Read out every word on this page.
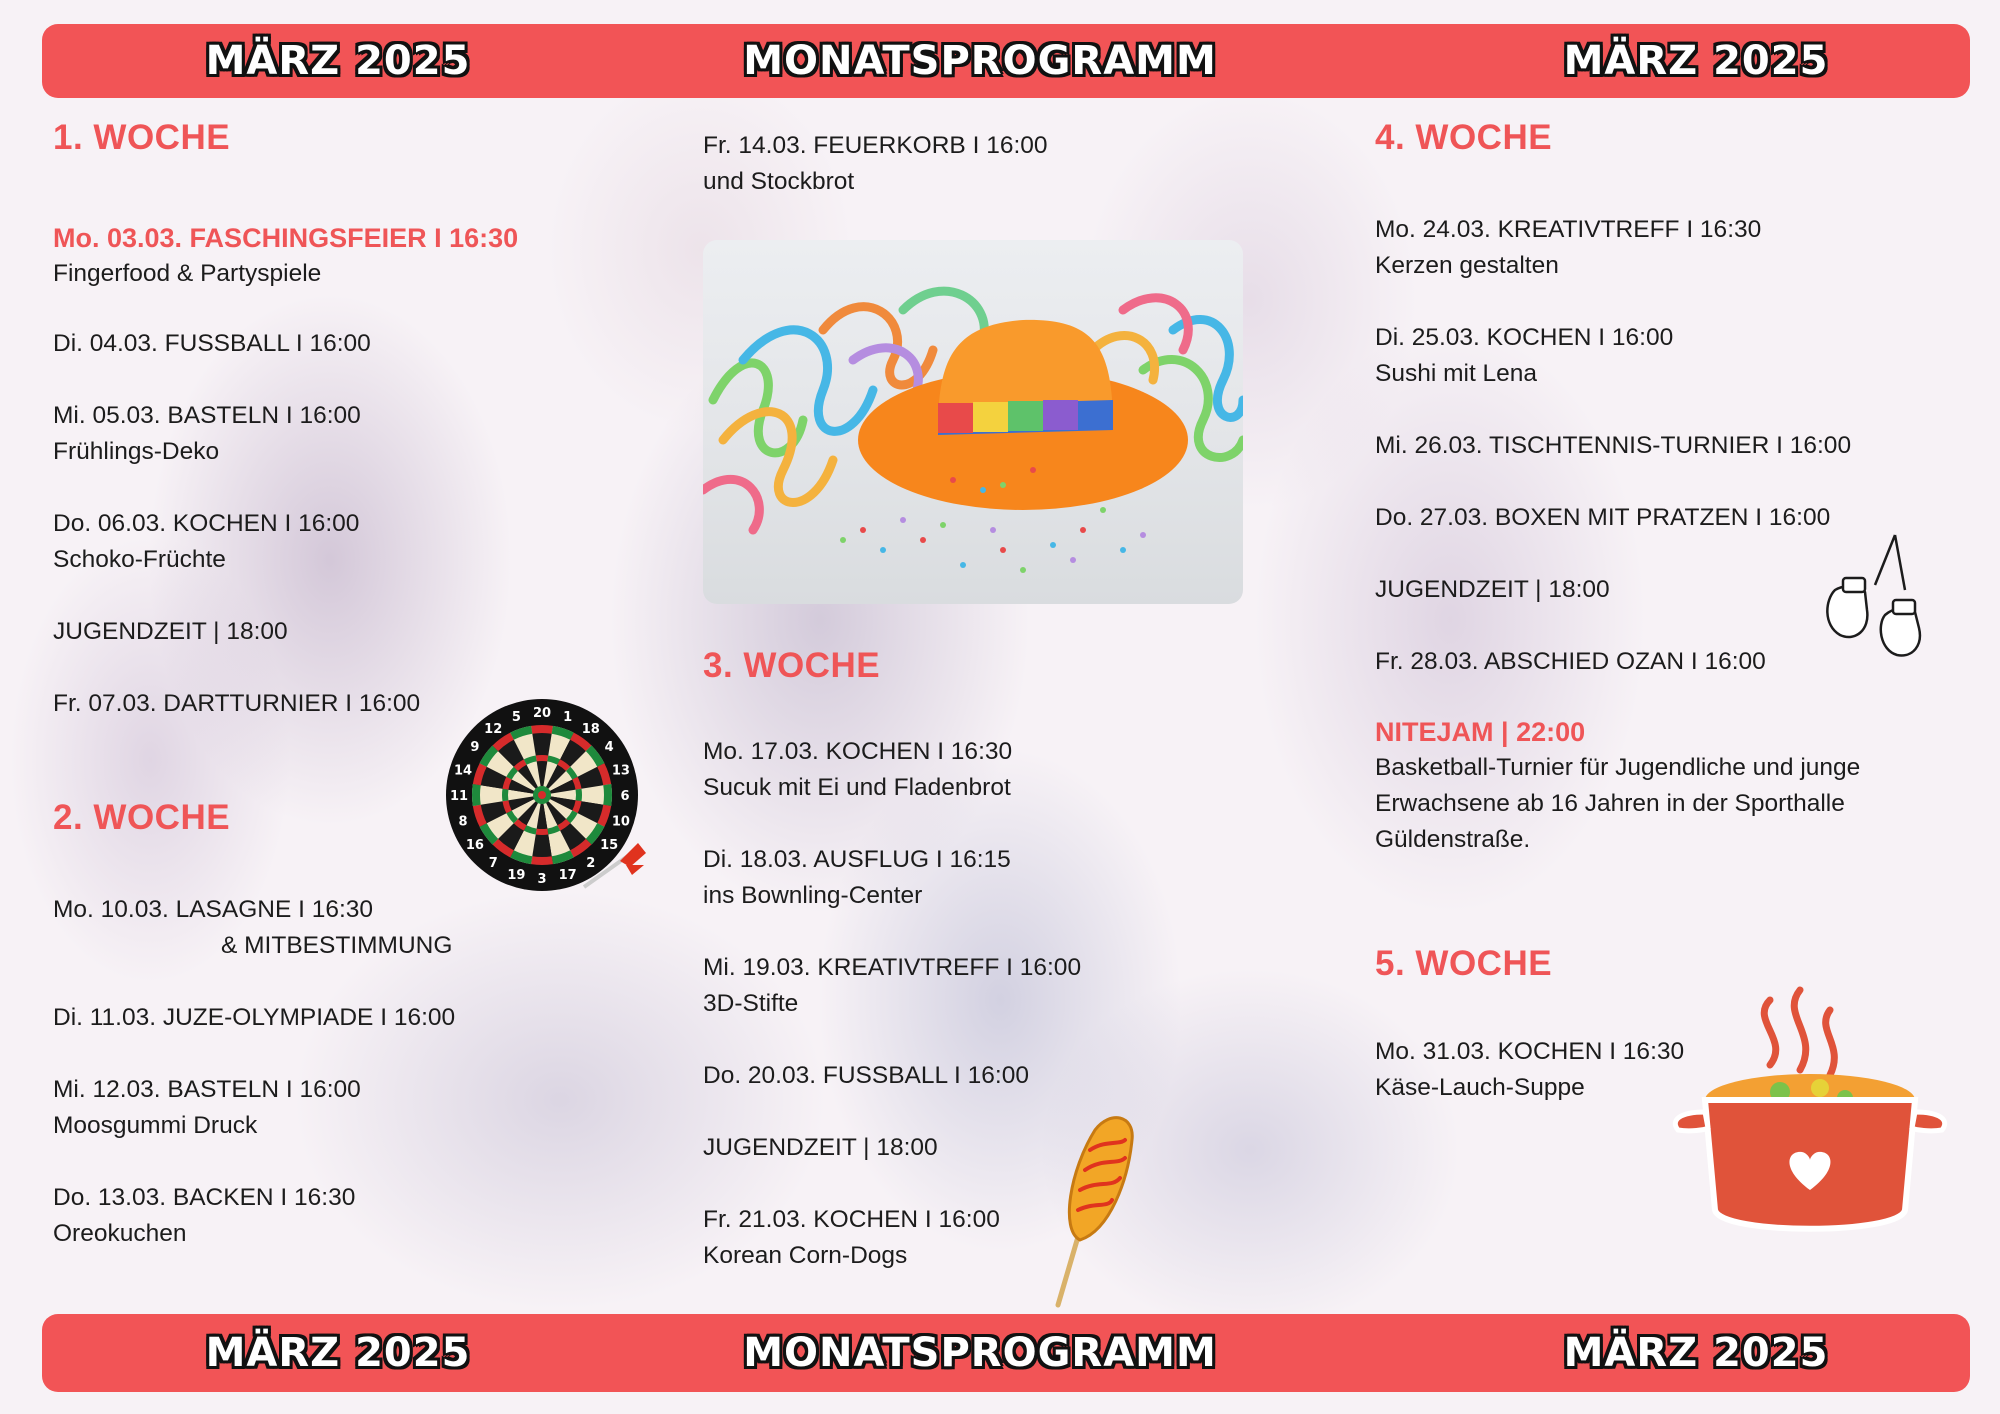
MÄRZ 2025	MONATSPROGRAMM	MÄRZ 2025
1. WOCHE
Mo. 03.03. FASCHINGSFEIER I 16:30
Fingerfood & Partyspiele
Di. 04.03. FUSSBALL I 16:00
Mi. 05.03. BASTELN I 16:00
Frühlings-Deko
Do. 06.03. KOCHEN I 16:00
Schoko-Früchte
JUGENDZEIT | 18:00
Fr. 07.03. DARTTURNIER I 16:00
2. WOCHE
Mo. 10.03. LASAGNE I 16:30
& MITBESTIMMUNG
Di. 11.03. JUZE-OLYMPIADE I 16:00
Mi. 12.03. BASTELN I 16:00
Moosgummi Druck
Do. 13.03. BACKEN I 16:30
Oreokuchen
20 1
18
4
13
6
10
15
2
17
3
19
7
16
8
11
14
9
12
5
Fr. 14.03. FEUERKORB I 16:00
und Stockbrot
3. WOCHE
Mo. 17.03. KOCHEN I 16:30
Sucuk mit Ei und Fladenbrot
Di. 18.03. AUSFLUG I 16:15
ins Bownling-Center
Mi. 19.03. KREATIVTREFF I 16:00
3D-Stifte
Do. 20.03. FUSSBALL I 16:00
JUGENDZEIT | 18:00
Fr. 21.03. KOCHEN I 16:00
Korean Corn-Dogs
4. WOCHE
Mo. 24.03. KREATIVTREFF I 16:30
Kerzen gestalten
Di. 25.03. KOCHEN I 16:00
Sushi mit Lena
Mi. 26.03. TISCHTENNIS-TURNIER I 16:00
Do. 27.03. BOXEN MIT PRATZEN I 16:00
JUGENDZEIT | 18:00
Fr. 28.03. ABSCHIED OZAN I 16:00
NITEJAM | 22:00
Basketball-Turnier für Jugendliche und junge Erwachsene ab 16 Jahren in der Sporthalle Güldenstraße.
5. WOCHE
Mo. 31.03. KOCHEN I 16:30
Käse-Lauch-Suppe
MÄRZ 2025	MONATSPROGRAMM	MÄRZ 2025
